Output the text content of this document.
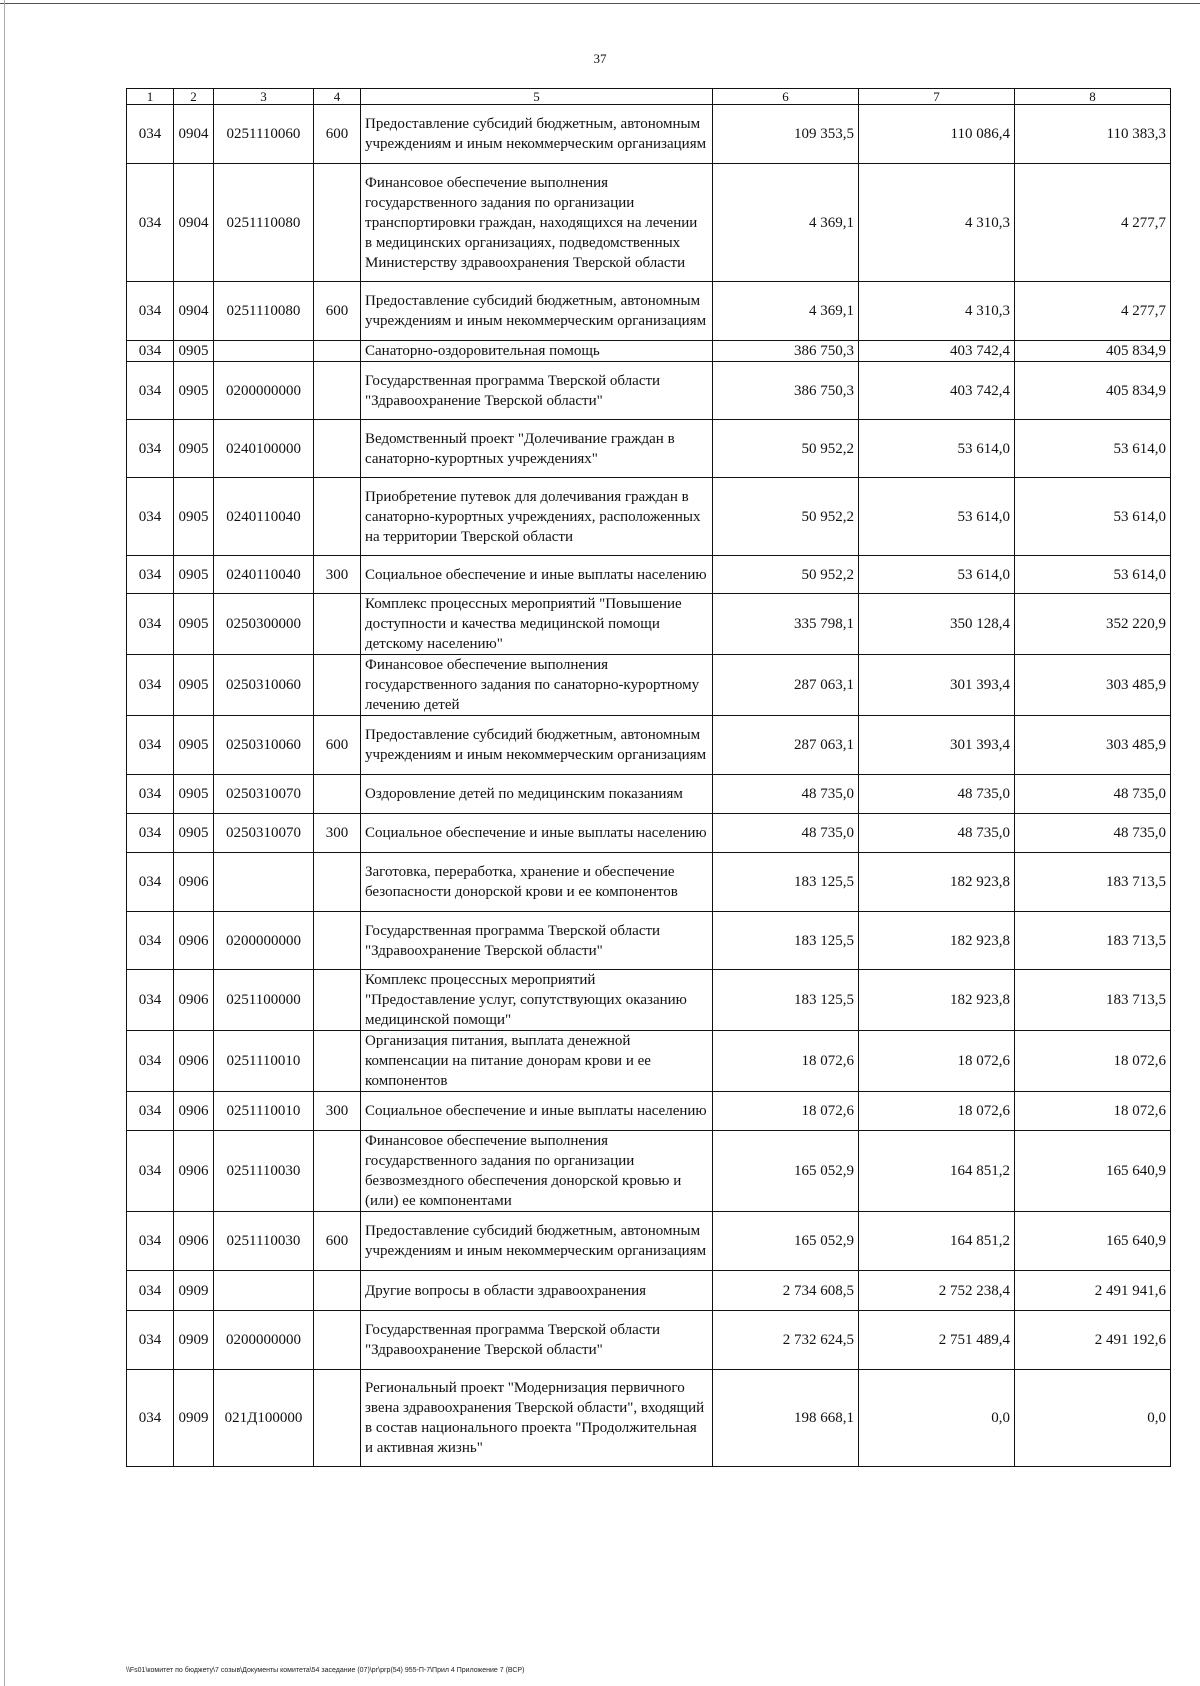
37
1	2	3	4	5	6	7	8
034	0904	0251110060	600	Предоставление субсидий бюджетным, автономным учреждениям и иным некоммерческим организациям	109 353,5	110 086,4	110 383,3
034	0904	0251110080		Финансовое обеспечение выполнения государственного задания по организации транспортировки граждан, находящихся на лечении в медицинских организациях, подведомственных Министерству здравоохранения Тверской области	4 369,1	4 310,3	4 277,7
034	0904	0251110080	600	Предоставление субсидий бюджетным, автономным учреждениям и иным некоммерческим организациям	4 369,1	4 310,3	4 277,7
034	0905			Санаторно-оздоровительная помощь	386 750,3	403 742,4	405 834,9
034	0905	0200000000		Государственная программа Тверской области "Здравоохранение Тверской области"	386 750,3	403 742,4	405 834,9
034	0905	0240100000		Ведомственный проект "Долечивание граждан в санаторно-курортных учреждениях"	50 952,2	53 614,0	53 614,0
034	0905	0240110040		Приобретение путевок для долечивания граждан в санаторно-курортных учреждениях, расположенных на территории Тверской области	50 952,2	53 614,0	53 614,0
034	0905	0240110040	300	Социальное обеспечение и иные выплаты населению	50 952,2	53 614,0	53 614,0
034	0905	0250300000		Комплекс процессных мероприятий "Повышение доступности и качества медицинской помощи детскому населению"	335 798,1	350 128,4	352 220,9
034	0905	0250310060		Финансовое обеспечение выполнения государственного задания по санаторно-курортному лечению детей	287 063,1	301 393,4	303 485,9
034	0905	0250310060	600	Предоставление субсидий бюджетным, автономным учреждениям и иным некоммерческим организациям	287 063,1	301 393,4	303 485,9
034	0905	0250310070		Оздоровление детей по медицинским показаниям	48 735,0	48 735,0	48 735,0
034	0905	0250310070	300	Социальное обеспечение и иные выплаты населению	48 735,0	48 735,0	48 735,0
034	0906			Заготовка, переработка, хранение и обеспечение безопасности донорской крови и ее компонентов	183 125,5	182 923,8	183 713,5
034	0906	0200000000		Государственная программа Тверской области "Здравоохранение Тверской области"	183 125,5	182 923,8	183 713,5
034	0906	0251100000		Комплекс процессных мероприятий "Предоставление услуг, сопутствующих оказанию медицинской помощи"	183 125,5	182 923,8	183 713,5
034	0906	0251110010		Организация питания, выплата денежной компенсации на питание донорам крови и ее компонентов	18 072,6	18 072,6	18 072,6
034	0906	0251110010	300	Социальное обеспечение и иные выплаты населению	18 072,6	18 072,6	18 072,6
034	0906	0251110030		Финансовое обеспечение выполнения государственного задания по организации безвозмездного обеспечения донорской кровью и (или) ее компонентами	165 052,9	164 851,2	165 640,9
034	0906	0251110030	600	Предоставление субсидий бюджетным, автономным учреждениям и иным некоммерческим организациям	165 052,9	164 851,2	165 640,9
034	0909			Другие вопросы в области здравоохранения	2 734 608,5	2 752 238,4	2 491 941,6
034	0909	0200000000		Государственная программа Тверской области "Здравоохранение Тверской области"	2 732 624,5	2 751 489,4	2 491 192,6
034	0909	021Д100000		Региональный проект "Модернизация первичного звена здравоохранения Тверской области", входящий в состав национального проекта "Продолжительная и активная жизнь"	198 668,1	0,0	0,0
\\Fs01\комитет по бюджету\7 созыв\Документы комитета\54 заседание (07)\рг\ргр(54) 955-П-7\Прил 4 Приложение 7 (ВСР)
